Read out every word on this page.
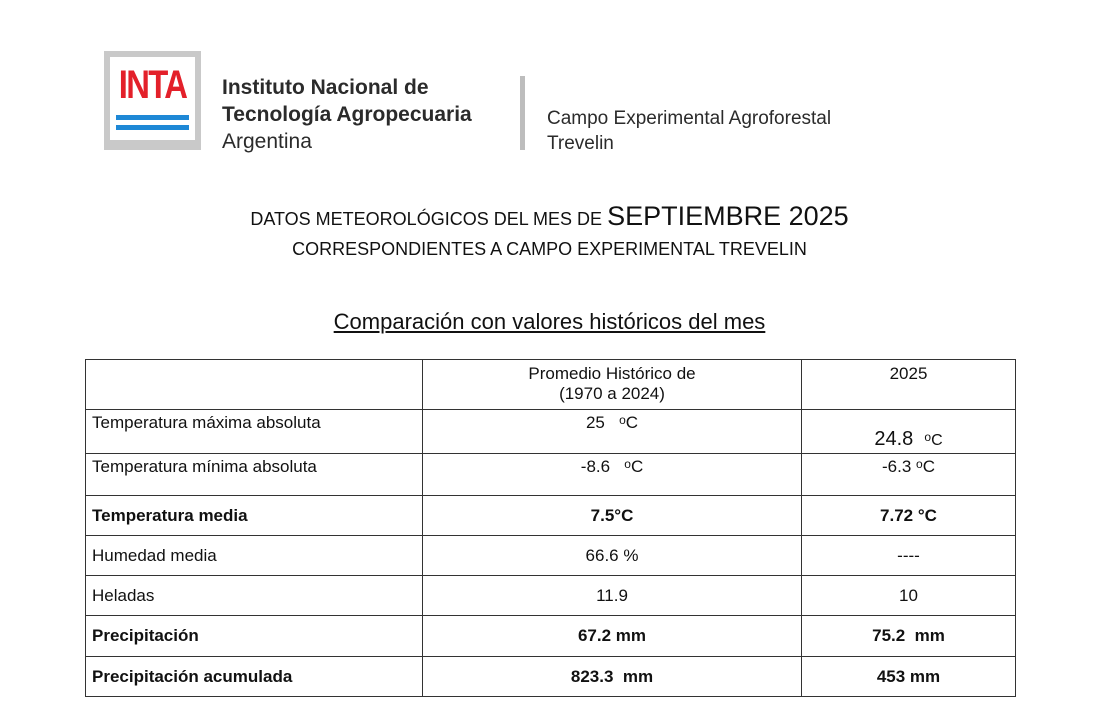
INTA Instituto Nacional de
Tecnología Agropecuaria
Argentina
Campo Experimental Agroforestal
Trevelin
DATOS METEOROLÓGICOS DEL MES DE SEPTIEMBRE 2025
CORRESPONDIENTES A CAMPO EXPERIMENTAL TREVELIN
Comparación con valores históricos del mes

	Promedio Histórico de
(1970 a 2024)	2025
Temperatura máxima absoluta	25 $^o$C	24.8 $^o$C
Temperatura mínima absoluta	-8.6 $^o$C	-6.3 $^o$C
Temperatura media	7.5°C	7.72 °C
Humedad media	66.6 %	----
Heladas	11.9	10
Precipitación	67.2 mm	75.2  mm
Precipitación acumulada	823.3  mm	453 mm
